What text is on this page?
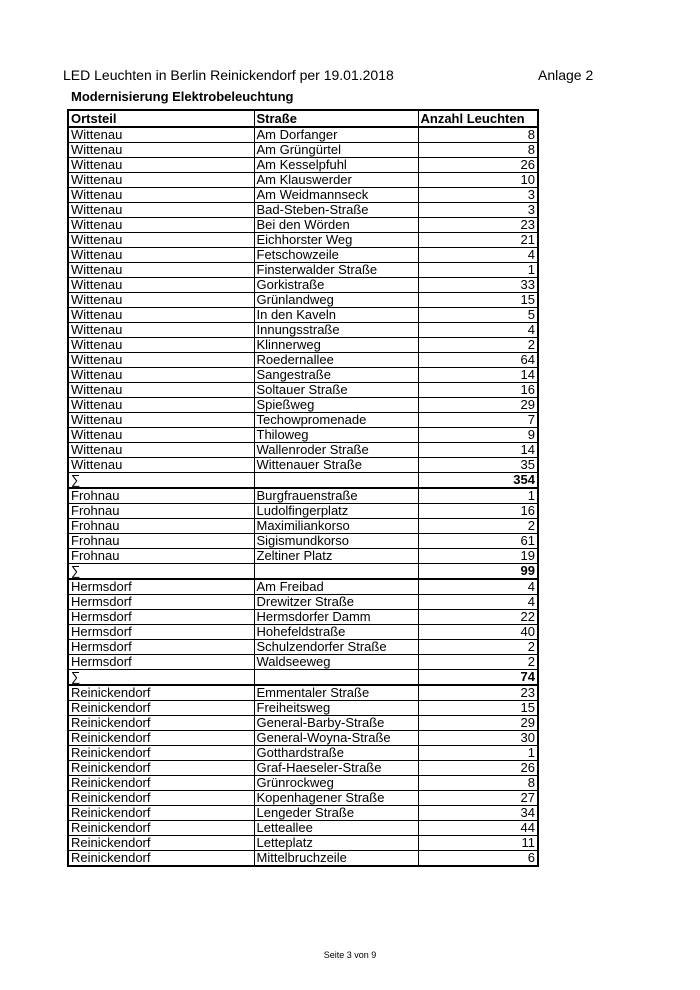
LED Leuchten in Berlin Reinickendorf per 19.01.2018	Anlage 2
Modernisierung Elektrobeleuchtung
Ortsteil	Straße	Anzahl Leuchten
Wittenau	Am Dorfanger	8
Wittenau	Am Grüngürtel	8
Wittenau	Am Kesselpfuhl	26
Wittenau	Am Klauswerder	10
Wittenau	Am Weidmannseck	3
Wittenau	Bad-Steben-Straße	3
Wittenau	Bei den Wörden	23
Wittenau	Eichhorster Weg	21
Wittenau	Fetschowzeile	4
Wittenau	Finsterwalder Straße	1
Wittenau	Gorkistraße	33
Wittenau	Grünlandweg	15
Wittenau	In den Kaveln	5
Wittenau	Innungsstraße	4
Wittenau	Klinnerweg	2
Wittenau	Roedernallee	64
Wittenau	Sangestraße	14
Wittenau	Soltauer Straße	16
Wittenau	Spießweg	29
Wittenau	Techowpromenade	7
Wittenau	Thiloweg	9
Wittenau	Wallenroder Straße	14
Wittenau	Wittenauer Straße	35
∑		354
Frohnau	Burgfrauenstraße	1
Frohnau	Ludolfingerplatz	16
Frohnau	Maximiliankorso	2
Frohnau	Sigismundkorso	61
Frohnau	Zeltiner Platz	19
∑		99
Hermsdorf	Am Freibad	4
Hermsdorf	Drewitzer Straße	4
Hermsdorf	Hermsdorfer Damm	22
Hermsdorf	Hohefeldstraße	40
Hermsdorf	Schulzendorfer Straße	2
Hermsdorf	Waldseeweg	2
∑		74
Reinickendorf	Emmentaler Straße	23
Reinickendorf	Freiheitsweg	15
Reinickendorf	General-Barby-Straße	29
Reinickendorf	General-Woyna-Straße	30
Reinickendorf	Gotthardstraße	1
Reinickendorf	Graf-Haeseler-Straße	26
Reinickendorf	Grünrockweg	8
Reinickendorf	Kopenhagener Straße	27
Reinickendorf	Lengeder Straße	34
Reinickendorf	Letteallee	44
Reinickendorf	Letteplatz	11
Reinickendorf	Mittelbruchzeile	6
Seite 3 von 9
